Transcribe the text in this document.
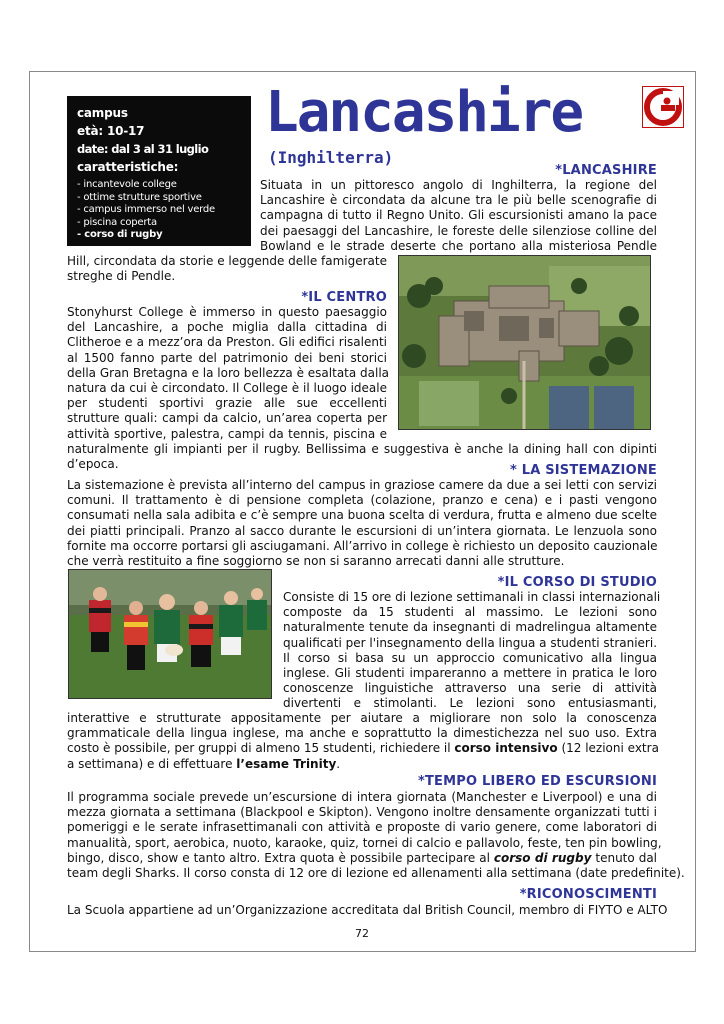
campus
età: 10-17
date: dal 3 al 31 luglio
caratteristiche:
- incantevole college
- ottime strutture sportive
- campus immerso nel verde
- piscina coperta
- corso di rugby
Lancashire
(Inghilterra)
*LANCASHIRE
Situata in un pittoresco angolo di Inghilterra, la regione del
Lancashire è circondata da alcune tra le più belle scenografie di
campagna di tutto il Regno Unito. Gli escursionisti amano la pace
dei paesaggi del Lancashire, le foreste delle silenziose colline del
Bowland e le strade deserte che portano alla misteriosa Pendle
Hill, circondata da storie e leggende delle famigerate
streghe di Pendle.
*IL CENTRO
Stonyhurst College è immerso in questo paesaggio
del Lancashire, a poche miglia dalla cittadina di
Clitheroe e a mezz’ora da Preston. Gli edifici risalenti
al 1500 fanno parte del patrimonio dei beni storici
della Gran Bretagna e la loro bellezza è esaltata dalla
natura da cui è circondato. Il College è il luogo ideale
per studenti sportivi grazie alle sue eccellenti
strutture quali: campi da calcio, un’area coperta per
attività sportive, palestra, campi da tennis, piscina e
naturalmente gli impianti per il rugby. Bellissima e suggestiva è anche la dining hall con dipinti
d’epoca.	* LA SISTEMAZIONE
La sistemazione è prevista all’interno del campus in graziose camere da due a sei letti con servizi
comuni. Il trattamento è di pensione completa (colazione, pranzo e cena) e i pasti vengono
consumati nella sala adibita e c’è sempre una buona scelta di verdura, frutta e almeno due scelte
dei piatti principali. Pranzo al sacco durante le escursioni di un’intera giornata. Le lenzuola sono
fornite ma occorre portarsi gli asciugamani. All’arrivo in college è richiesto un deposito cauzionale
che verrà restituito a fine soggiorno se non si saranno arrecati danni alle strutture.
*IL CORSO DI STUDIO
Consiste di 15 ore di lezione settimanali in classi internazionali
composte da 15 studenti al massimo. Le lezioni sono
naturalmente tenute da insegnanti di madrelingua altamente
qualificati per l'insegnamento della lingua a studenti stranieri.
Il corso si basa su un approccio comunicativo alla lingua
inglese. Gli studenti impareranno a mettere in pratica le loro
conoscenze linguistiche attraverso una serie di attività
divertenti e stimolanti. Le lezioni sono entusiasmanti,
interattive e strutturate appositamente per aiutare a migliorare non solo la conoscenza
grammaticale della lingua inglese, ma anche e soprattutto la dimestichezza nel suo uso. Extra
costo è possibile, per gruppi di almeno 15 studenti, richiedere il corso intensivo (12 lezioni extra
a settimana) e di effettuare l’esame Trinity.
*TEMPO LIBERO ED ESCURSIONI
Il programma sociale prevede un’escursione di intera giornata (Manchester e Liverpool) e una di
mezza giornata a settimana (Blackpool e Skipton). Vengono inoltre densamente organizzati tutti i
pomeriggi e le serate infrasettimanali con attività e proposte di vario genere, come laboratori di
manualità, sport, aerobica, nuoto, karaoke, quiz, tornei di calcio e pallavolo, feste, ten pin bowling,
bingo, disco, show e tanto altro. Extra quota è possibile partecipare al corso di rugby tenuto dal
team degli Sharks. Il corso consta di 12 ore di lezione ed allenamenti alla settimana (date predefinite).
*RICONOSCIMENTI
La Scuola appartiene ad un’Organizzazione accreditata dal British Council, membro di FIYTO e ALTO
72
